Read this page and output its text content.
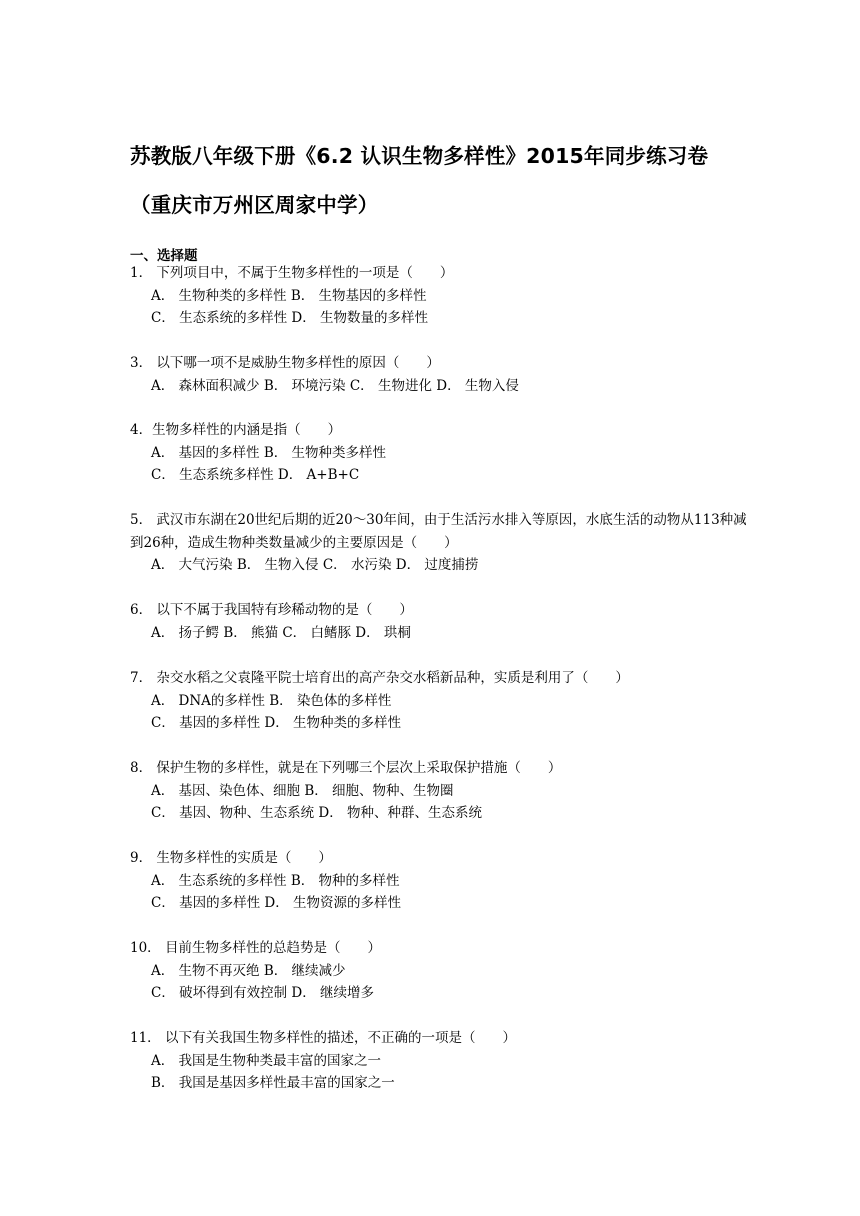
苏教版八年级下册《6.2 认识生物多样性》2015年同步练习卷（重庆市万州区周家中学）
一、选择题
1． 下列项目中，不属于生物多样性的一项是（　　）
A． 生物种类的多样性 B． 生物基因的多样性
C． 生态系统的多样性 D． 生物数量的多样性
3． 以下哪一项不是威胁生物多样性的原因（　　）
A． 森林面积减少 B． 环境污染 C． 生物进化 D． 生物入侵
4．生物多样性的内涵是指（　　）
A． 基因的多样性 B． 生物种类多样性
C． 生态系统多样性 D． A+B+C
5． 武汉市东湖在20世纪后期的近20～30年间，由于生活污水排入等原因，水底生活的动物从113种减到26种，造成生物种类数量减少的主要原因是（　　）
A． 大气污染 B． 生物入侵 C． 水污染 D． 过度捕捞
6． 以下不属于我国特有珍稀动物的是（　　）
A． 扬子鳄 B． 熊猫 C． 白鳍豚 D． 珙桐
7． 杂交水稻之父袁隆平院士培育出的高产杂交水稻新品种，实质是利用了（　　）
A． DNA的多样性 B． 染色体的多样性
C． 基因的多样性 D． 生物种类的多样性
8． 保护生物的多样性，就是在下列哪三个层次上采取保护措施（　　）
A． 基因、染色体、细胞 B． 细胞、物种、生物圈
C． 基因、物种、生态系统 D． 物种、种群、生态系统
9． 生物多样性的实质是（　　）
A． 生态系统的多样性 B． 物种的多样性
C． 基因的多样性 D． 生物资源的多样性
10． 目前生物多样性的总趋势是（　　）
A． 生物不再灭绝 B． 继续减少
C． 破坏得到有效控制 D． 继续增多
11． 以下有关我国生物多样性的描述，不正确的一项是（　　）
A． 我国是生物种类最丰富的国家之一
B． 我国是基因多样性最丰富的国家之一
